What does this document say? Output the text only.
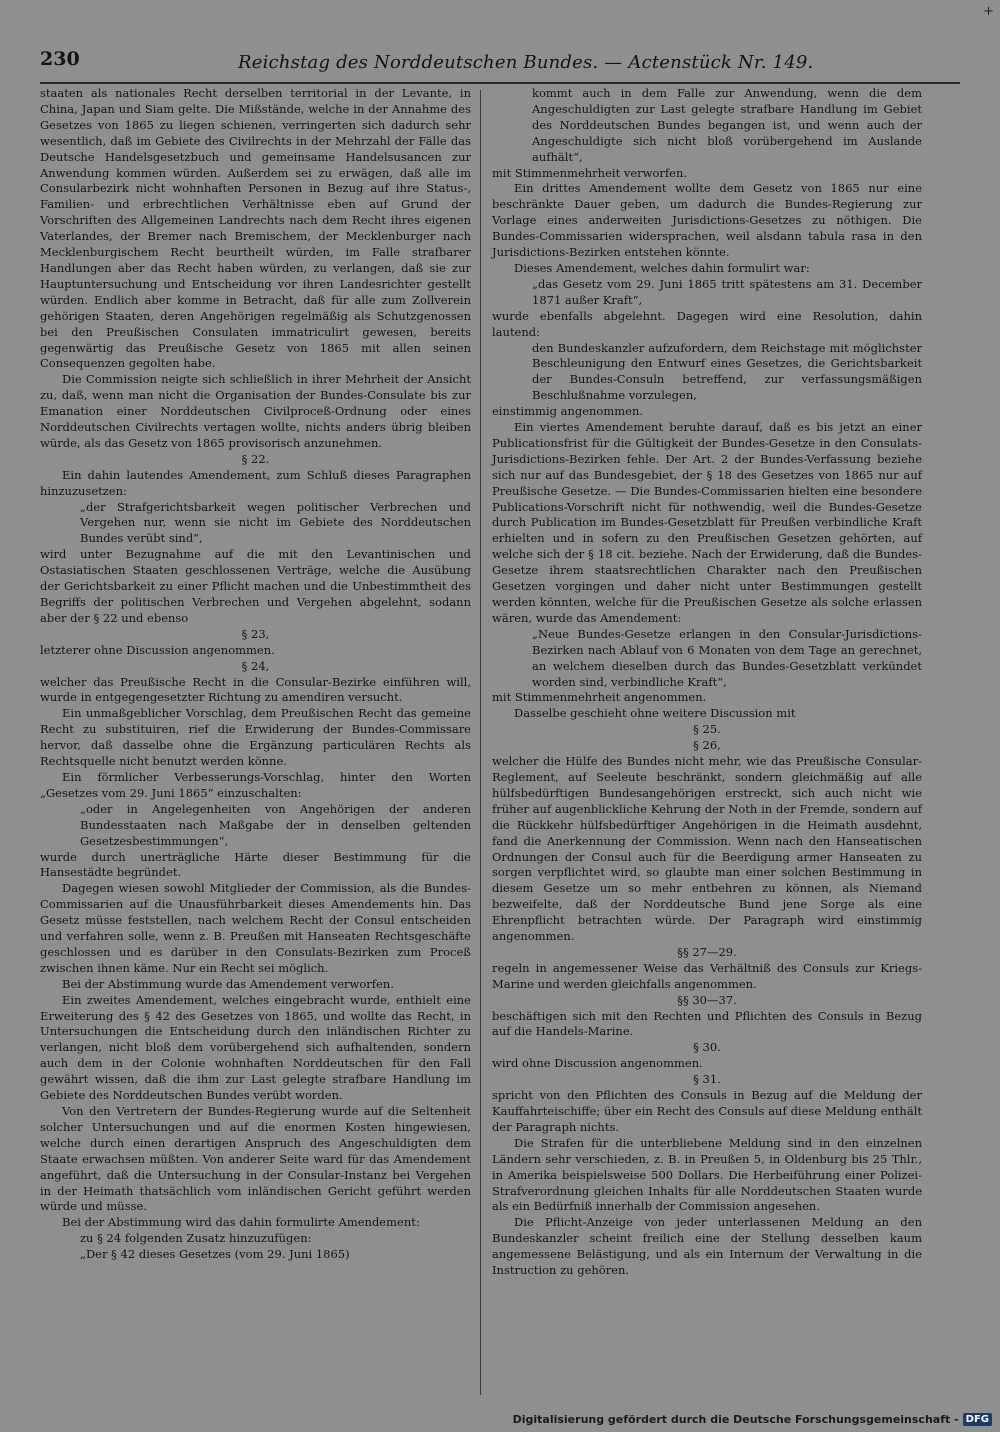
+
230	Reichstag des Norddeutschen Bundes. — Actenstück Nr. 149.

staaten als nationales Recht derselben territorial in der Levante, in China, Japan und Siam gelte. Die Mißstände, welche in der Annahme des Gesetzes von 1865 zu liegen schienen, verringerten sich dadurch sehr wesentlich, daß im Gebiete des Civilrechts in der Mehrzahl der Fälle das Deutsche Handelsgesetzbuch und gemeinsame Handelsusancen zur Anwendung kommen würden. Außerdem sei zu erwägen, daß alle im Consularbezirk nicht wohnhaften Personen in Bezug auf ihre Status-, Familien- und erbrechtlichen Verhältnisse eben auf Grund der Vorschriften des Allgemeinen Landrechts nach dem Recht ihres eigenen Vaterlandes, der Bremer nach Bremischem, der Mecklenburger nach Mecklenburgischem Recht beurtheilt würden, im Falle strafbarer Handlungen aber das Recht haben würden, zu verlangen, daß sie zur Hauptuntersuchung und Entscheidung vor ihren Landesrichter gestellt würden. Endlich aber komme in Betracht, daß für alle zum Zollverein gehörigen Staaten, deren Angehörigen regelmäßig als Schutzgenossen bei den Preußischen Consulaten immatriculirt gewesen, bereits gegenwärtig das Preußische Gesetz von 1865 mit allen seinen Consequenzen gegolten habe.

Die Commission neigte sich schließlich in ihrer Mehrheit der Ansicht zu, daß, wenn man nicht die Organisation der Bundes-Consulate bis zur Emanation einer Norddeutschen Civilproceß-Ordnung oder eines Norddeutschen Civilrechts vertagen wollte, nichts anders übrig bleiben würde, als das Gesetz von 1865 provisorisch anzunehmen.

§ 22.

Ein dahin lautendes Amendement, zum Schluß dieses Paragraphen hinzuzusetzen:

„der Strafgerichtsbarkeit wegen politischer Verbrechen und Vergehen nur, wenn sie nicht im Gebiete des Norddeutschen Bundes verübt sind“,

wird unter Bezugnahme auf die mit den Levantinischen und Ostasiatischen Staaten geschlossenen Verträge, welche die Ausübung der Gerichtsbarkeit zu einer Pflicht machen und die Unbestimmtheit des Begriffs der politischen Verbrechen und Vergehen abgelehnt, sodann aber der § 22 und ebenso

§ 23,

letzterer ohne Discussion angenommen.

§ 24,

welcher das Preußische Recht in die Consular-Bezirke einführen will, wurde in entgegengesetzter Richtung zu amendiren versucht.

Ein unmaßgeblicher Vorschlag, dem Preußischen Recht das gemeine Recht zu substituiren, rief die Erwiderung der Bundes-Commissare hervor, daß dasselbe ohne die Ergänzung particulären Rechts als Rechtsquelle nicht benutzt werden könne.

Ein förmlicher Verbesserungs-Vorschlag, hinter den Worten „Gesetzes vom 29. Juni 1865“ einzuschalten:

„oder in Angelegenheiten von Angehörigen der anderen Bundesstaaten nach Maßgabe der in denselben geltenden Gesetzesbestimmungen“,

wurde durch unerträgliche Härte dieser Bestimmung für die Hansestädte begründet.

Dagegen wiesen sowohl Mitglieder der Commission, als die Bundes-Commissarien auf die Unausführbarkeit dieses Amendements hin. Das Gesetz müsse feststellen, nach welchem Recht der Consul entscheiden und verfahren solle, wenn z. B. Preußen mit Hanseaten Rechtsgeschäfte geschlossen und es darüber in den Consulats-Bezirken zum Proceß zwischen ihnen käme. Nur ein Recht sei möglich.

Bei der Abstimmung wurde das Amendement verworfen.

Ein zweites Amendement, welches eingebracht wurde, enthielt eine Erweiterung des § 42 des Gesetzes von 1865, und wollte das Recht, in Untersuchungen die Entscheidung durch den inländischen Richter zu verlangen, nicht bloß dem vorübergehend sich aufhaltenden, sondern auch dem in der Colonie wohnhaften Norddeutschen für den Fall gewährt wissen, daß die ihm zur Last gelegte strafbare Handlung im Gebiete des Norddeutschen Bundes verübt worden.

Von den Vertretern der Bundes-Regierung wurde auf die Seltenheit solcher Untersuchungen und auf die enormen Kosten hingewiesen, welche durch einen derartigen Anspruch des Angeschuldigten dem Staate erwachsen müßten. Von anderer Seite ward für das Amendement angeführt, daß die Untersuchung in der Consular-Instanz bei Vergehen in der Heimath thatsächlich vom inländischen Gericht geführt werden würde und müsse.

Bei der Abstimmung wird das dahin formulirte Amendement:

zu § 24 folgenden Zusatz hinzuzufügen:

„Der § 42 dieses Gesetzes (vom 29. Juni 1865)

kommt auch in dem Falle zur Anwendung, wenn die dem Angeschuldigten zur Last gelegte strafbare Handlung im Gebiet des Norddeutschen Bundes begangen ist, und wenn auch der Angeschuldigte sich nicht bloß vorübergehend im Auslande aufhält“,

mit Stimmenmehrheit verworfen.

Ein drittes Amendement wollte dem Gesetz von 1865 nur eine beschränkte Dauer geben, um dadurch die Bundes-Regierung zur Vorlage eines anderweiten Jurisdictions-Gesetzes zu nöthigen. Die Bundes-Commissarien widersprachen, weil alsdann tabula rasa in den Jurisdictions-Bezirken entstehen könnte.

Dieses Amendement, welches dahin formulirt war:

„das Gesetz vom 29. Juni 1865 tritt spätestens am 31. December 1871 außer Kraft“,

wurde ebenfalls abgelehnt. Dagegen wird eine Resolution, dahin lautend:

den Bundeskanzler aufzufordern, dem Reichstage mit möglichster Beschleunigung den Entwurf eines Gesetzes, die Gerichtsbarkeit der Bundes-Consuln betreffend, zur verfassungsmäßigen Beschlußnahme vorzulegen,

einstimmig angenommen.

Ein viertes Amendement beruhte darauf, daß es bis jetzt an einer Publicationsfrist für die Gültigkeit der Bundes-Gesetze in den Consulats-Jurisdictions-Bezirken fehle. Der Art. 2 der Bundes-Verfassung beziehe sich nur auf das Bundesgebiet, der § 18 des Gesetzes von 1865 nur auf Preußische Gesetze. — Die Bundes-Commissarien hielten eine besondere Publications-Vorschrift nicht für nothwendig, weil die Bundes-Gesetze durch Publication im Bundes-Gesetzblatt für Preußen verbindliche Kraft erhielten und in sofern zu den Preußischen Gesetzen gehörten, auf welche sich der § 18 cit. beziehe. Nach der Erwiderung, daß die Bundes-Gesetze ihrem staatsrechtlichen Charakter nach den Preußischen Gesetzen vorgingen und daher nicht unter Bestimmungen gestellt werden könnten, welche für die Preußischen Gesetze als solche erlassen wären, wurde das Amendement:

„Neue Bundes-Gesetze erlangen in den Consular-Jurisdictions-Bezirken nach Ablauf von 6 Monaten von dem Tage an gerechnet, an welchem dieselben durch das Bundes-Gesetzblatt verkündet worden sind, verbindliche Kraft“,

mit Stimmenmehrheit angenommen.

Dasselbe geschieht ohne weitere Discussion mit

§ 25.

§ 26,

welcher die Hülfe des Bundes nicht mehr, wie das Preußische Consular-Reglement, auf Seeleute beschränkt, sondern gleichmäßig auf alle hülfsbedürftigen Bundesangehörigen erstreckt, sich auch nicht wie früher auf augenblickliche Kehrung der Noth in der Fremde, sondern auf die Rückkehr hülfsbedürftiger Angehörigen in die Heimath ausdehnt, fand die Anerkennung der Commission. Wenn nach den Hanseatischen Ordnungen der Consul auch für die Beerdigung armer Hanseaten zu sorgen verpflichtet wird, so glaubte man einer solchen Bestimmung in diesem Gesetze um so mehr entbehren zu können, als Niemand bezweifelte, daß der Norddeutsche Bund jene Sorge als eine Ehrenpflicht betrachten würde. Der Paragraph wird einstimmig angenommen.

§§ 27—29.

regeln in angemessener Weise das Verhältniß des Consuls zur Kriegs-Marine und werden gleichfalls angenommen.

§§ 30—37.

beschäftigen sich mit den Rechten und Pflichten des Consuls in Bezug auf die Handels-Marine.

§ 30.

wird ohne Discussion angenommen.

§ 31.

spricht von den Pflichten des Consuls in Bezug auf die Meldung der Kauffahrteischiffe; über ein Recht des Consuls auf diese Meldung enthält der Paragraph nichts.

Die Strafen für die unterbliebene Meldung sind in den einzelnen Ländern sehr verschieden, z. B. in Preußen 5, in Oldenburg bis 25 Thlr., in Amerika beispielsweise 500 Dollars. Die Herbeiführung einer Polizei-Strafverordnung gleichen Inhalts für alle Norddeutschen Staaten wurde als ein Bedürfniß innerhalb der Commission angesehen.

Die Pflicht-Anzeige von jeder unterlassenen Meldung an den Bundeskanzler scheint freilich eine der Stellung desselben kaum angemessene Belästigung, und als ein Internum der Verwaltung in die Instruction zu gehören.

Digitalisierung gefördert durch die Deutsche Forschungsgemeinschaft - DFG
